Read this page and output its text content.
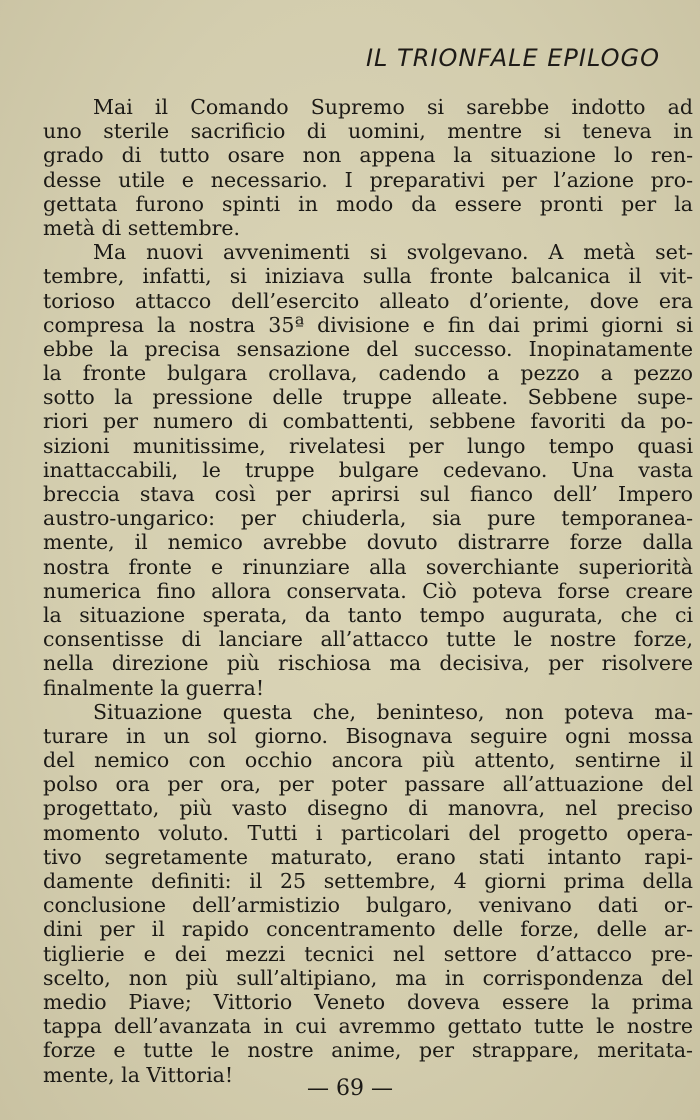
IL TRIONFALE EPILOGO
Mai il Comando Supremo si sarebbe indotto ad
uno sterile sacrificio di uomini, mentre si teneva in
grado di tutto osare non appena la situazione lo ren-
desse utile e necessario. I preparativi per l’azione pro-
gettata furono spinti in modo da essere pronti per la
metà di settembre.
Ma nuovi avvenimenti si svolgevano. A metà set-
tembre, infatti, si iniziava sulla fronte balcanica il vit-
torioso attacco dell’esercito alleato d’oriente, dove era
compresa la nostra 35ª divisione e fin dai primi giorni si
ebbe la precisa sensazione del successo. Inopinatamente
la fronte bulgara crollava, cadendo a pezzo a pezzo
sotto la pressione delle truppe alleate. Sebbene supe-
riori per numero di combattenti, sebbene favoriti da po-
sizioni munitissime, rivelatesi per lungo tempo quasi
inattaccabili, le truppe bulgare cedevano. Una vasta
breccia stava così per aprirsi sul fianco dell’ Impero
austro-ungarico: per chiuderla, sia pure temporanea-
mente, il nemico avrebbe dovuto distrarre forze dalla
nostra fronte e rinunziare alla soverchiante superiorità
numerica fino allora conservata. Ciò poteva forse creare
la situazione sperata, da tanto tempo augurata, che ci
consentisse di lanciare all’attacco tutte le nostre forze,
nella direzione più rischiosa ma decisiva, per risolvere
finalmente la guerra!
Situazione questa che, beninteso, non poteva ma-
turare in un sol giorno. Bisognava seguire ogni mossa
del nemico con occhio ancora più attento, sentirne il
polso ora per ora, per poter passare all’attuazione del
progettato, più vasto disegno di manovra, nel preciso
momento voluto. Tutti i particolari del progetto opera-
tivo segretamente maturato, erano stati intanto rapi-
damente definiti: il 25 settembre, 4 giorni prima della
conclusione dell’armistizio bulgaro, venivano dati or-
dini per il rapido concentramento delle forze, delle ar-
tiglierie e dei mezzi tecnici nel settore d’attacco pre-
scelto, non più sull’altipiano, ma in corrispondenza del
medio Piave; Vittorio Veneto doveva essere la prima
tappa dell’avanzata in cui avremmo gettato tutte le nostre
forze e tutte le nostre anime, per strappare, meritata-
mente, la Vittoria!
— 69 —
